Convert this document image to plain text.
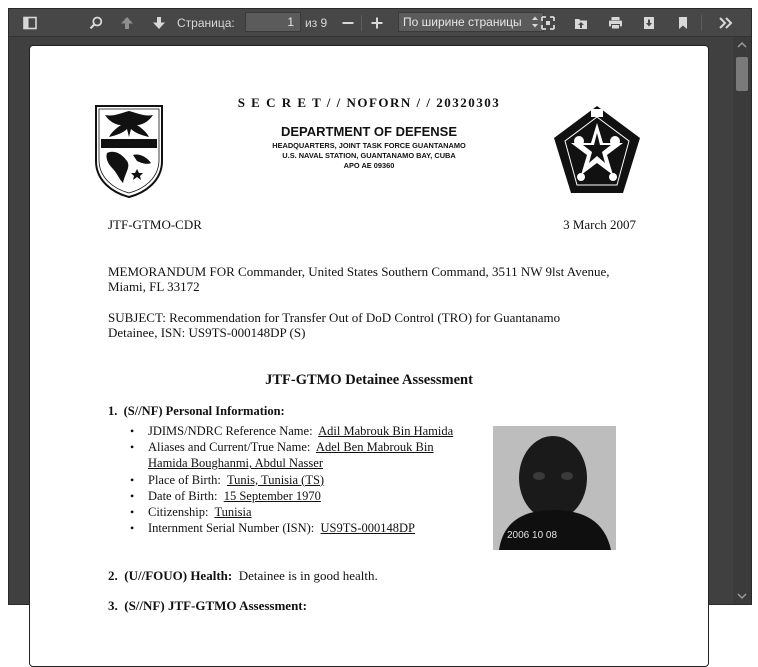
Страница:	1 из 9	По ширине страницы
S E C R E T / / NOFORN / / 20320303
DEPARTMENT OF DEFENSE
HEADQUARTERS, JOINT TASK FORCE GUANTANAMO
U.S. NAVAL STATION, GUANTANAMO BAY, CUBA
APO AE 09360
JTF-GTMO-CDR	3 March 2007
MEMORANDUM FOR Commander, United States Southern Command, 3511 NW 9lst Avenue,
Miami, FL 33172
SUBJECT: Recommendation for Transfer Out of DoD Control (TRO) for Guantanamo
Detainee, ISN: US9TS-000148DP (S)
JTF-GTMO Detainee Assessment
1. (S//NF) Personal Information:
• JDIMS/NDRC Reference Name: Adil Mabrouk Bin Hamida
• Aliases and Current/True Name: Adel Ben Mabrouk Bin
Hamida Boughanmi, Abdul Nasser
• Place of Birth: Tunis, Tunisia (TS)
• Date of Birth: 15 September 1970
• Citizenship: Tunisia
• Internment Serial Number (ISN): US9TS-000148DP
2006 10 08
2. (U//FOUO) Health: Detainee is in good health.
3. (S//NF) JTF-GTMO Assessment:
